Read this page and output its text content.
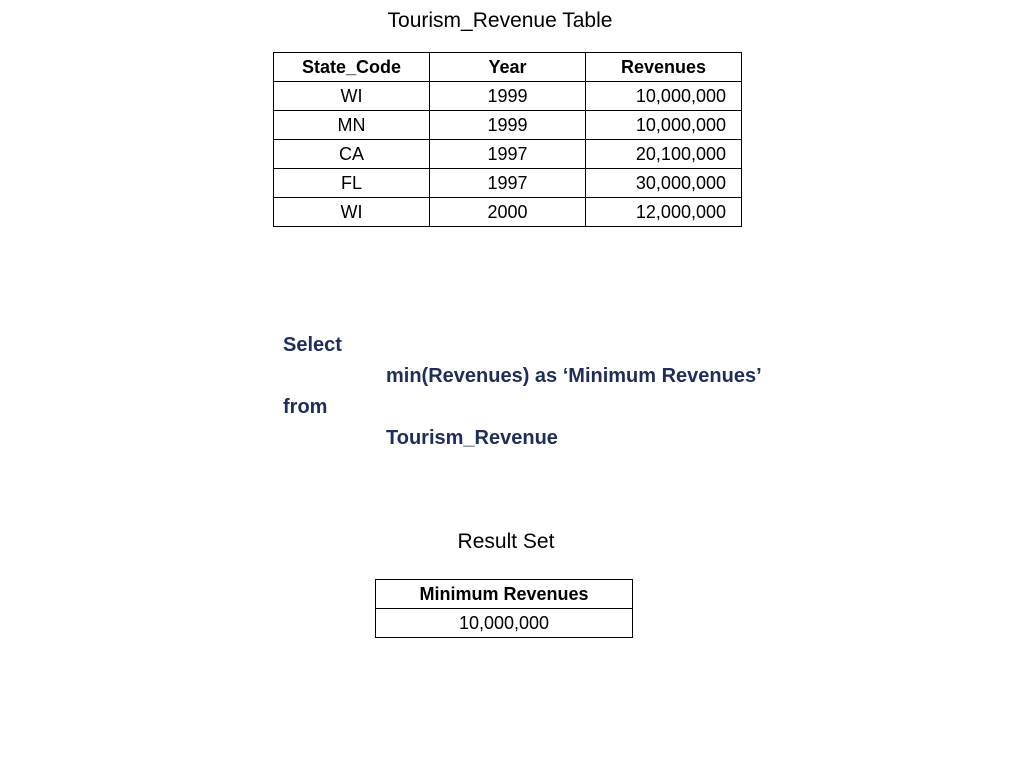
Tourism_Revenue Table
State_Code	Year	Revenues
WI	1999	10,000,000
MN	1999	10,000,000
CA	1997	20,100,000
FL	1997	30,000,000
WI	2000	12,000,000
Select
min(Revenues) as ‘Minimum Revenues’
from
Tourism_Revenue
Result Set
Minimum Revenues
10,000,000
